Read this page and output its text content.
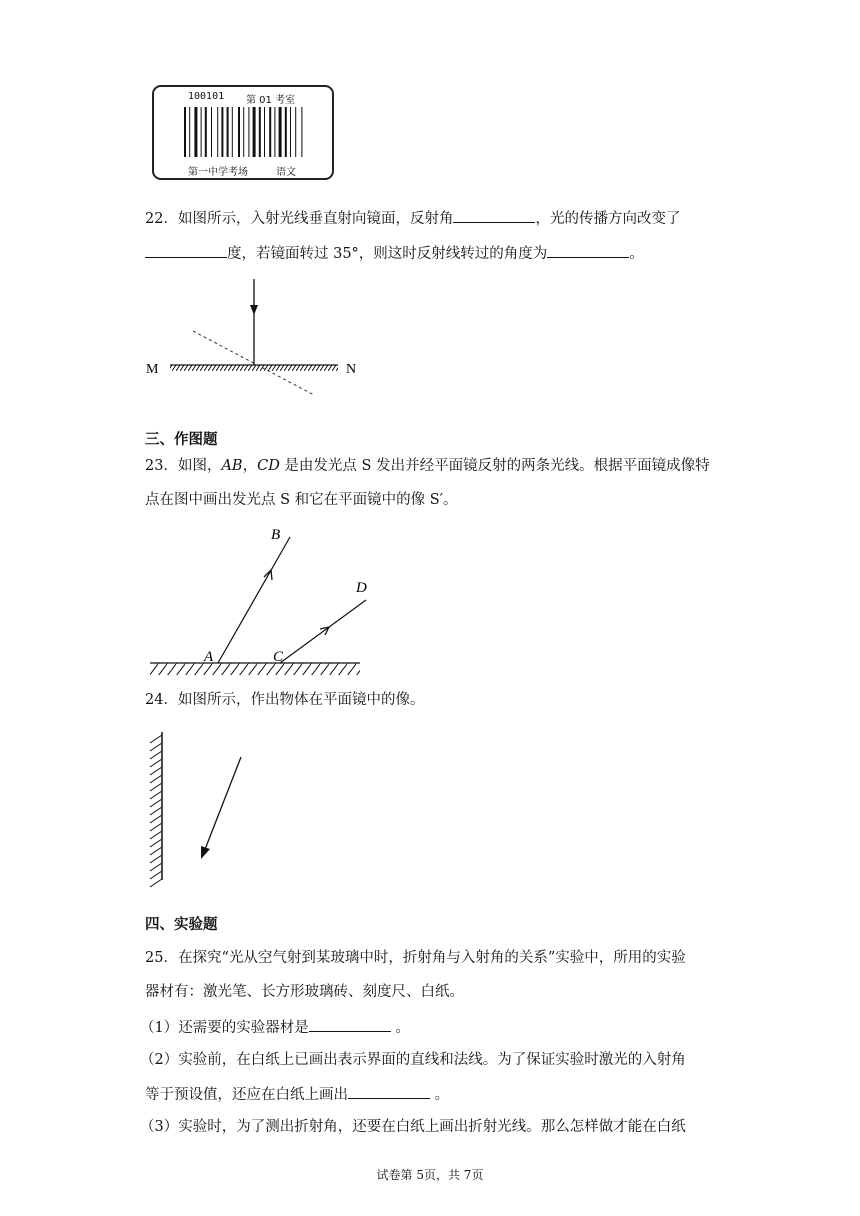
100101 第 01 考室
第一中学考场	语文
22．如图所示，入射光线垂直射向镜面，反射角	，光的传播方向改变了
度，若镜面转过 35°，则这时反射线转过的角度为	。
M	N
三、作图题
23．如图，AB，CD 是由发光点 S 发出并经平面镜反射的两条光线。根据平面镜成像特
点在图中画出发光点 S 和它在平面镜中的像 S′。
B
D
A	C
24．如图所示，作出物体在平面镜中的像。
四、实验题
25．在探究“光从空气射到某玻璃中时，折射角与入射角的关系”实验中，所用的实验
器材有：激光笔、长方形玻璃砖、刻度尺、白纸。
（1）还需要的实验器材是	。
（2）实验前，在白纸上已画出表示界面的直线和法线。为了保证实验时激光的入射角
等于预设值，还应在白纸上画出	。
（3）实验时，为了测出折射角，还要在白纸上画出折射光线。那么怎样做才能在白纸
试卷第 5页，共 7页
